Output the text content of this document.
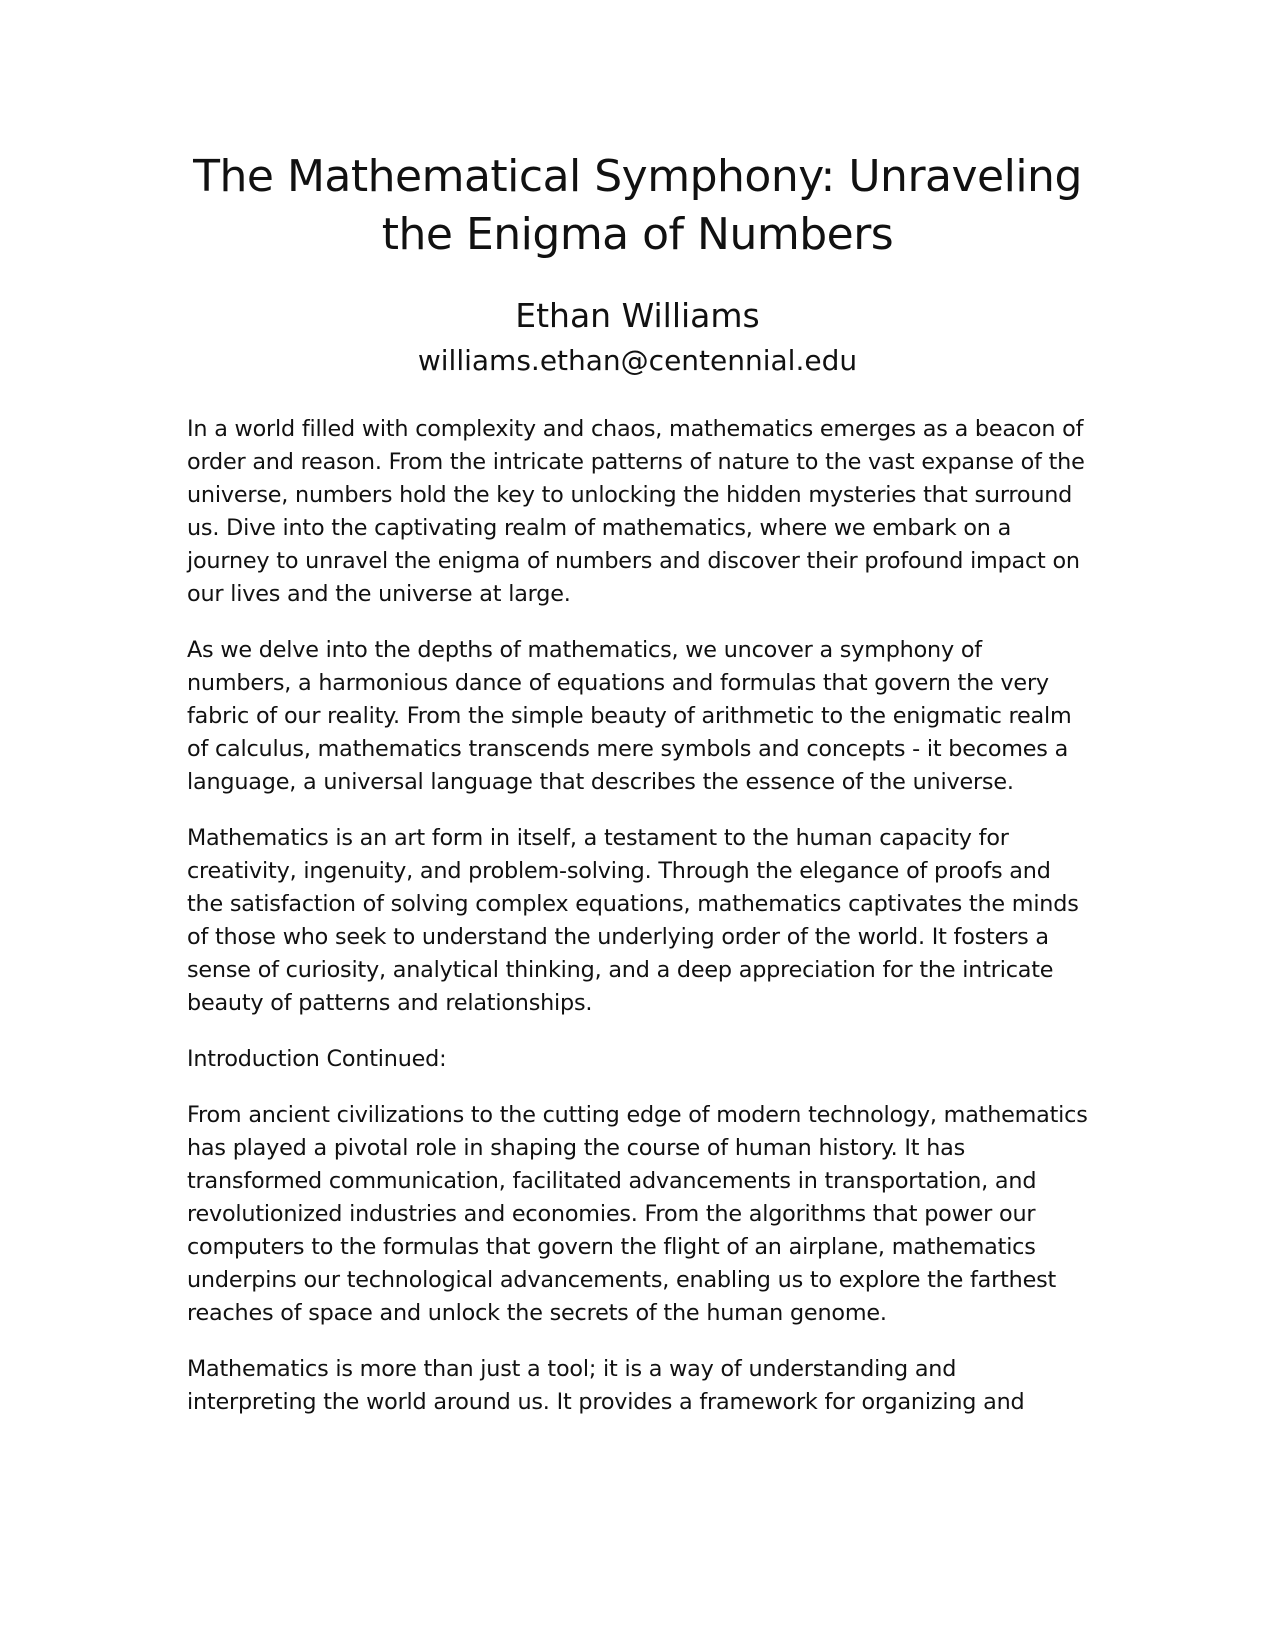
The Mathematical Symphony: Unraveling the Enigma of Numbers
Ethan Williams
williams.ethan@centennial.edu

In a world filled with complexity and chaos, mathematics emerges as a beacon of order and reason. From the intricate patterns of nature to the vast expanse of the universe, numbers hold the key to unlocking the hidden mysteries that surround us. Dive into the captivating realm of mathematics, where we embark on a journey to unravel the enigma of numbers and discover their profound impact on our lives and the universe at large.

As we delve into the depths of mathematics, we uncover a symphony of numbers, a harmonious dance of equations and formulas that govern the very fabric of our reality. From the simple beauty of arithmetic to the enigmatic realm of calculus, mathematics transcends mere symbols and concepts - it becomes a language, a universal language that describes the essence of the universe.

Mathematics is an art form in itself, a testament to the human capacity for creativity, ingenuity, and problem-solving. Through the elegance of proofs and the satisfaction of solving complex equations, mathematics captivates the minds of those who seek to understand the underlying order of the world. It fosters a sense of curiosity, analytical thinking, and a deep appreciation for the intricate beauty of patterns and relationships.

Introduction Continued:

From ancient civilizations to the cutting edge of modern technology, mathematics has played a pivotal role in shaping the course of human history. It has transformed communication, facilitated advancements in transportation, and revolutionized industries and economies. From the algorithms that power our computers to the formulas that govern the flight of an airplane, mathematics underpins our technological advancements, enabling us to explore the farthest reaches of space and unlock the secrets of the human genome.

Mathematics is more than just a tool; it is a way of understanding and interpreting the world around us. It provides a framework for organizing and
